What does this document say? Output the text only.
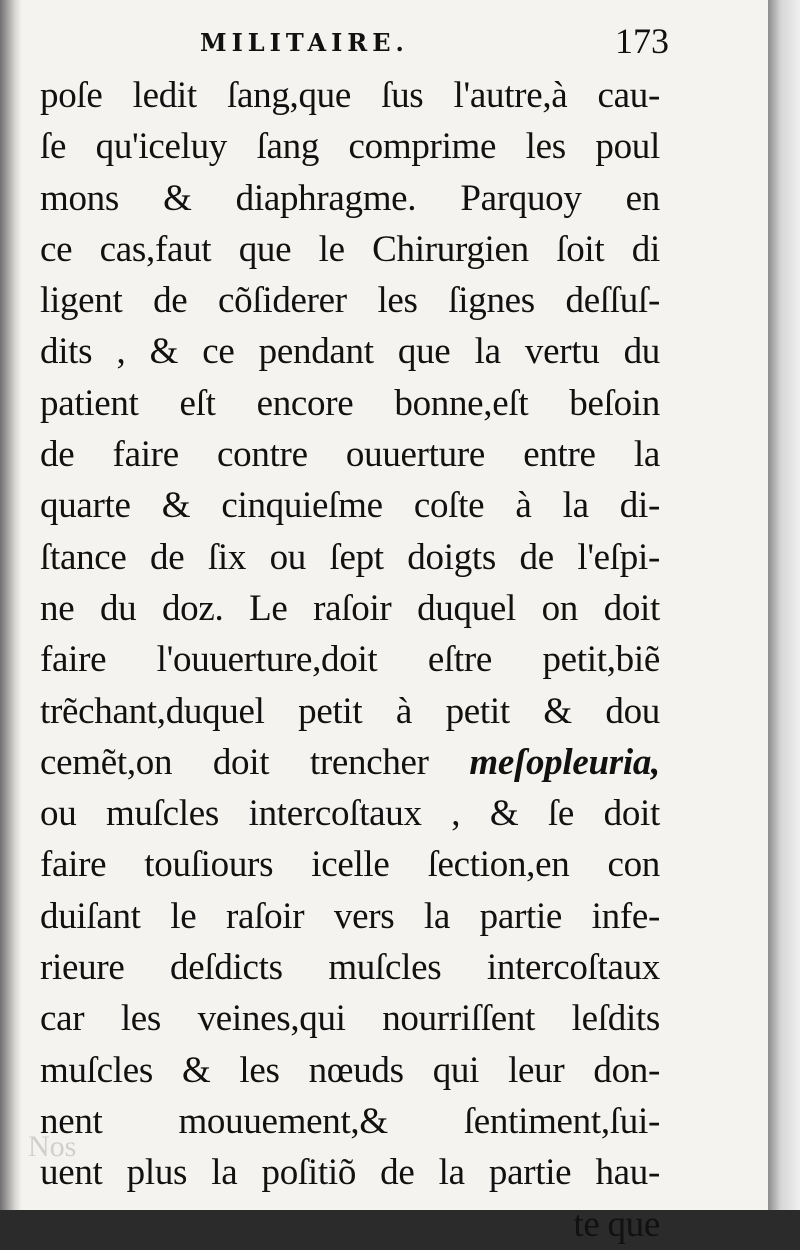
MILITAIRE.	173
poſe ledit ſang,que ſus l'autre,à cau-
ſe qu'iceluy ſang comprime les poul
mons & diaphragme. Parquoy en
ce cas,faut que le Chirurgien ſoit di
ligent de cõſiderer les ſignes deſſuſ-
dits , & ce pendant que la vertu du
patient eſt encore bonne,eſt beſoin
de faire contre ouuerture entre la
quarte & cinquieſme coſte à la di-
ſtance de ſix ou ſept doigts de l'eſpi-
ne du doz. Le raſoir duquel on doit
faire l'ouuerture,doit eſtre petit,biẽ
trẽchant,duquel petit à petit & dou
cemẽt,on doit trencher meſopleuria,
ou muſcles intercoſtaux , & ſe doit
faire touſiours icelle ſection,en con
duiſant le raſoir vers la partie infe-
rieure deſdicts muſcles intercoſtaux
car les veines,qui nourriſſent leſdits
muſcles & les nœuds qui leur don-
nent mouuement,& ſentiment,ſui-
uent plus la poſitiõ de la partie hau-
te que
Nos
